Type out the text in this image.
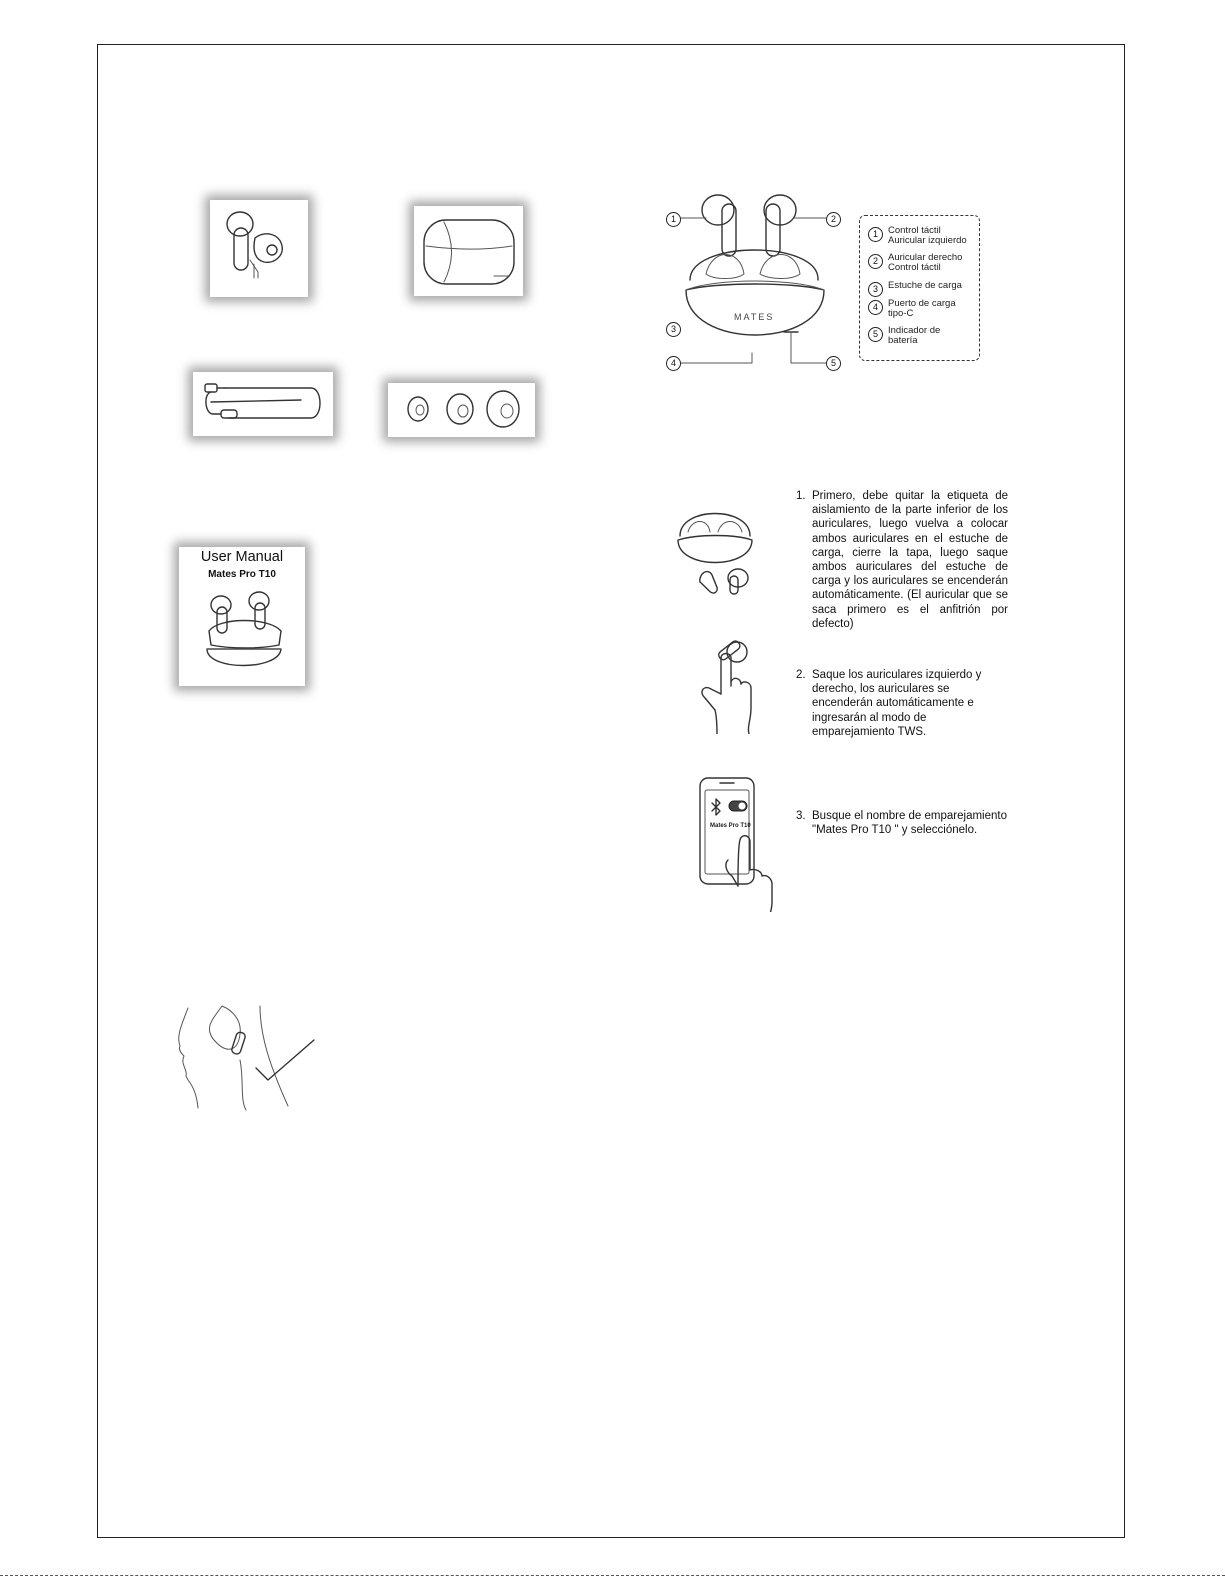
User Manual
Mates Pro T10
MATES
1	2
3
4	5
1	Control táctil Auricular izquierdo
2	Auricular derecho Control táctil
3	Estuche de carga
4	Puerto de carga tipo-C
5	Indicador de batería
1. Primero, debe quitar la etiqueta de aislamiento de la parte inferior de los auriculares, luego vuelva a colocar ambos auriculares en el estuche de carga, cierre la tapa, luego saque ambos auriculares del estuche de carga y los auriculares se encenderán automáticamente. (El auricular que se saca primero es el anfitrión por defecto)
2. Saque los auriculares izquierdo y derecho, los auriculares se encenderán automáticamente e ingresarán al modo de emparejamiento TWS.
Mates Pro T10
3. Busque el nombre de emparejamiento "Mates Pro T10 " y selecciónelo.
